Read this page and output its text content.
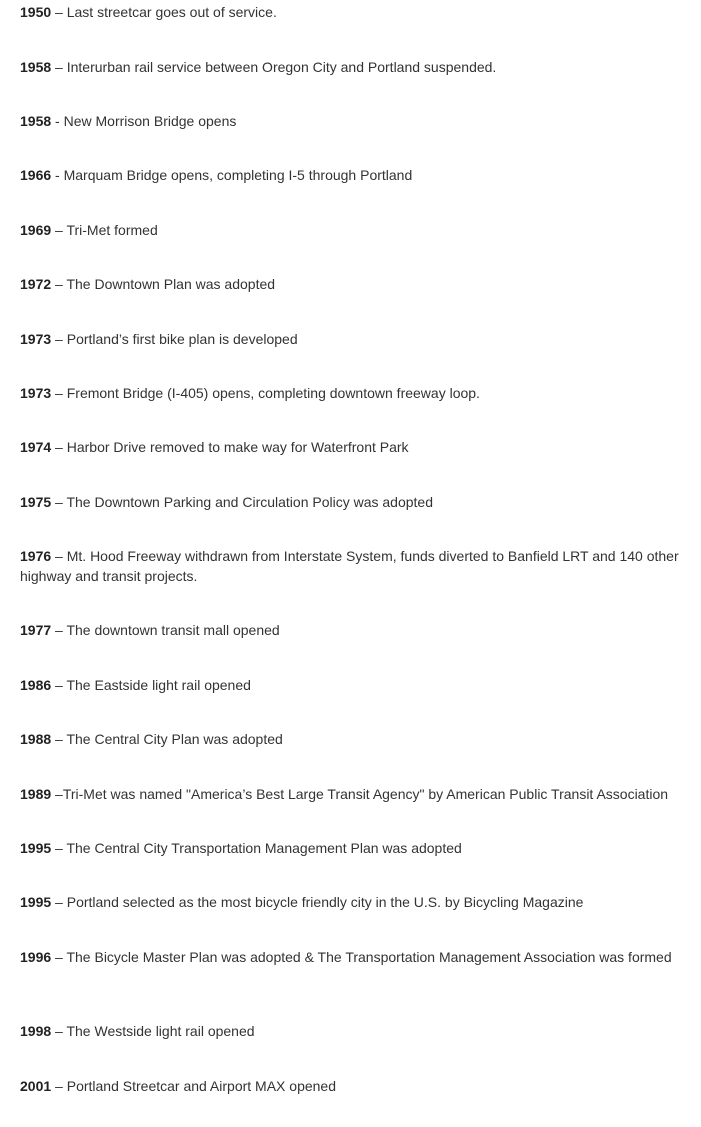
1950 – Last streetcar goes out of service.

1958 – Interurban rail service between Oregon City and Portland suspended.

1958 - New Morrison Bridge opens

1966 - Marquam Bridge opens, completing I-5 through Portland

1969 – Tri-Met formed

1972 – The Downtown Plan was adopted

1973 – Portland’s first bike plan is developed

1973 – Fremont Bridge (I-405) opens, completing downtown freeway loop.

1974 – Harbor Drive removed to make way for Waterfront Park

1975 – The Downtown Parking and Circulation Policy was adopted

1976 – Mt. Hood Freeway withdrawn from Interstate System, funds diverted to Banfield LRT and 140 other highway and transit projects.

1977 – The downtown transit mall opened

1986 – The Eastside light rail opened

1988 – The Central City Plan was adopted

1989 –Tri-Met was named "America’s Best Large Transit Agency" by American Public Transit Association

1995 – The Central City Transportation Management Plan was adopted

1995 – Portland selected as the most bicycle friendly city in the U.S. by Bicycling Magazine

1996 – The Bicycle Master Plan was adopted & The Transportation Management Association was formed

1998 – The Westside light rail opened

2001 – Portland Streetcar and Airport MAX opened
